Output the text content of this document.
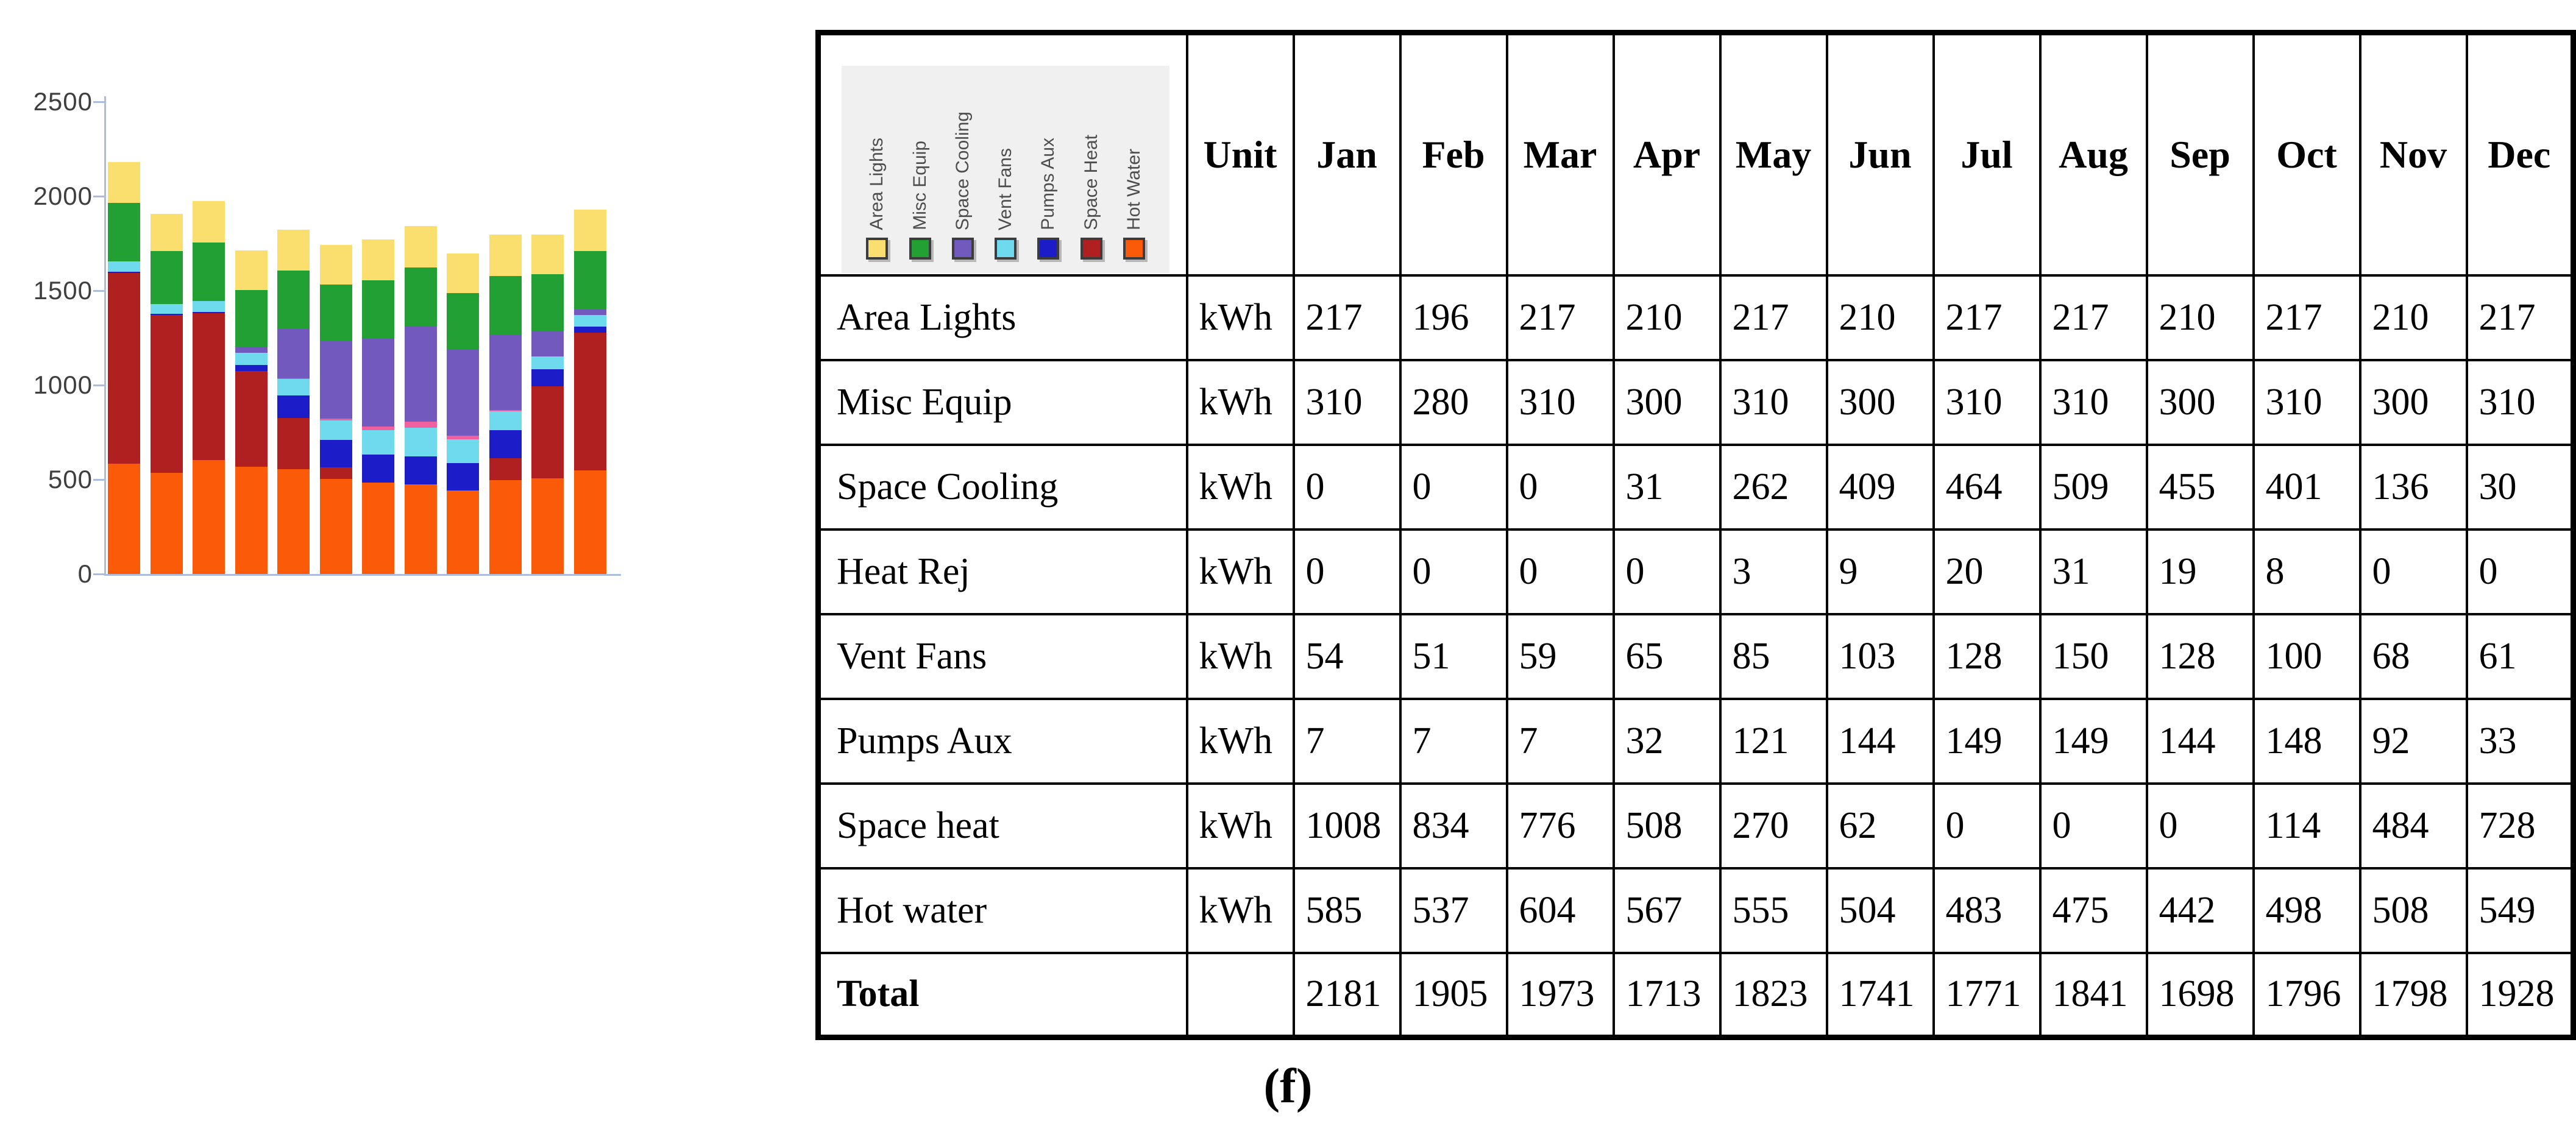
0
500
1000
1500
2000
2500
Area Lights Misc Equip Space Cooling Vent Fans Pumps Aux Space Heat Hot Water	Unit	Jan	Feb	Mar	Apr	May	Jun	Jul	Aug	Sep	Oct	Nov	Dec
Area Lights	kWh	217	196	217	210	217	210	217	217	210	217	210	217
Misc Equip	kWh	310	280	310	300	310	300	310	310	300	310	300	310
Space Cooling	kWh	0	0	0	31	262	409	464	509	455	401	136	30
Heat Rej	kWh	0	0	0	0	3	9	20	31	19	8	0	0
Vent Fans	kWh	54	51	59	65	85	103	128	150	128	100	68	61
Pumps Aux	kWh	7	7	7	32	121	144	149	149	144	148	92	33
Space heat	kWh	1008	834	776	508	270	62	0	0	0	114	484	728
Hot water	kWh	585	537	604	567	555	504	483	475	442	498	508	549
Total		2181	1905	1973	1713	1823	1741	1771	1841	1698	1796	1798	1928
(f)
